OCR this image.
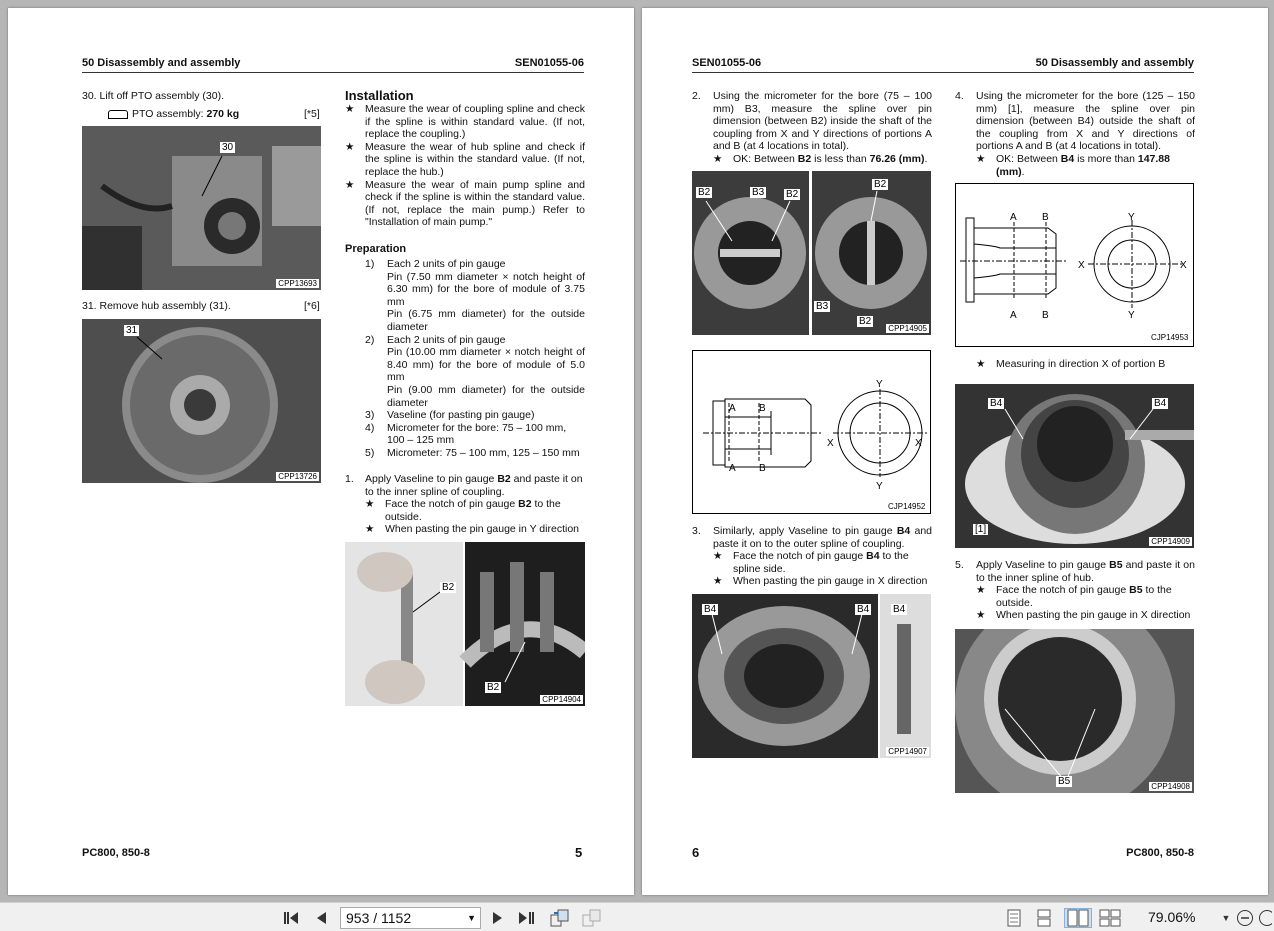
50 Disassembly and assembly	SEN01055-06
30. Lift off PTO assembly (30).
PTO assembly: 270 kg	[*5]
30
CPP13693
31. Remove hub assembly (31).	[*6]
31
CPP13726
Installation
★	Measure the wear of coupling spline and check if the spline is within standard value. (If not, replace the coupling.)
★	Measure the wear of hub spline and check if the spline is within the standard value. (If not, replace the hub.)
★	Measure the wear of main pump spline and check if the spline is within the standard value. (If not, replace the main pump.) Refer to "Installation of main pump."
Preparation
1)	Each 2 units of pin gauge
Pin (7.50 mm diameter × notch height of 6.30 mm) for the bore of module of 3.75 mm
Pin (6.75 mm diameter) for the outside diameter
2)	Each 2 units of pin gauge
Pin (10.00 mm diameter × notch height of 8.40 mm) for the bore of module of 5.0 mm
Pin (9.00 mm diameter) for the outside diameter
3)	Vaseline (for pasting pin gauge)
4)	Micrometer for the bore: 75 – 100 mm, 100 – 125 mm
5)	Micrometer: 75 – 100 mm, 125 – 150 mm
1.	Apply Vaseline to pin gauge B2 and paste it on to the inner spline of coupling.
★	Face the notch of pin gauge B2 to the outside.
★	When pasting the pin gauge in Y direction
B2
B2
CPP14904
PC800, 850-8	5
SEN01055-06	50 Disassembly and assembly
2.	Using the micrometer for the bore (75 – 100 mm) B3, measure the spline over pin dimension (between B2) inside the shaft of the coupling from X and Y directions of portions A and B (at 4 locations in total).
★	OK: Between B2 is less than 76.26 (mm).
B2	B3 B2
B3
B2
B2
CPP14905
A B
A B
X	X
Y
Y
CJP14952
3.	Similarly, apply Vaseline to pin gauge B4 and paste it on to the outer spline of coupling.
★	Face the notch of pin gauge B4 to the spline side.
★	When pasting the pin gauge in X direction
B4	B4 B4
CPP14907
4.	Using the micrometer for the bore (125 – 150 mm) [1], measure the spline over pin dimension (between B4) outside the shaft of the coupling from X and Y directions of portions A and B (at 4 locations in total).
★	OK: Between B4 is more than 147.88 (mm).
A	B
A	B
X	X
Y
Y
CJP14953
★ Measuring in direction X of portion B
B4	B4
[1]
CPP14909
5.	Apply Vaseline to pin gauge B5 and paste it on to the inner spline of hub.
★	Face the notch of pin gauge B5 to the outside.
★	When pasting the pin gauge in X direction
B5	CPP14908
6	PC800, 850-8
953 / 1152	▼	79.06%	▼
